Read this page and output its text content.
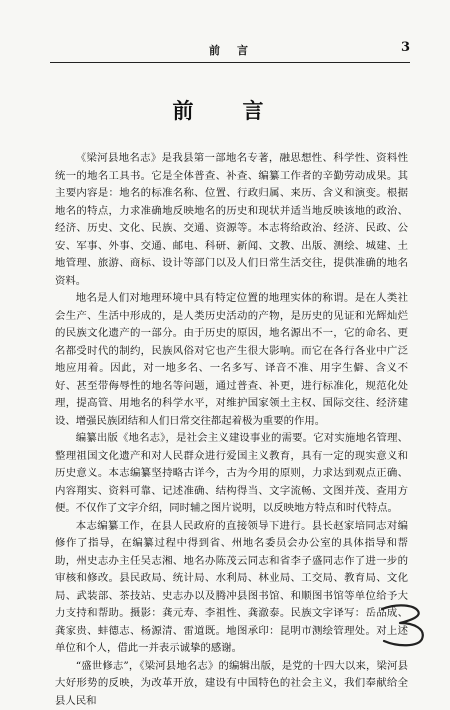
前　言	3
前　言

《梁河县地名志》是我县第一部地名专著，融思想性、科学性、资料性统一的地名工具书。它是全体普查、补查、编纂工作者的辛勤劳动成果。其主要内容是：地名的标准名称、位置、行政归属、来历、含义和演变。根据地名的特点，力求准确地反映地名的历史和现状并适当地反映该地的政治、经济、历史、文化、民族、交通、资源等。本志将给政治、经济、民政、公安、军事、外事、交通、邮电、科研、新闻、文教、出版、测绘、城建、土地管理、旅游、商标、设计等部门以及人们日常生活交往，提供准确的地名资料。

地名是人们对地理环境中具有特定位置的地理实体的称谓。是在人类社会生产、生活中形成的，是人类历史活动的产物，是历史的见证和光辉灿烂的民族文化遗产的一部分。由于历史的原因，地名源出不一，它的命名、更名都受时代的制约，民族风俗对它也产生很大影响。而它在各行各业中广泛地应用着。因此，对一地多名、一名多写、译音不准、用字生僻、含义不好、甚至带侮辱性的地名等问题，通过普查、补更，进行标准化，规范化处理，提高管、用地名的科学水平，对维护国家领土主权、国际交往、经济建设、增强民族团结和人们日常交往都起着极为重要的作用。

编纂出版《地名志》，是社会主义建设事业的需要。它对实施地名管理、整理祖国文化遗产和对人民群众进行爱国主义教育，具有一定的现实意义和历史意义。本志编纂坚持略古详今，古为今用的原则，力求达到观点正确、内容翔实、资料可靠、记述准确、结构得当、文字流畅、文图并茂、查用方便。不仅作了文字介绍，同时辅之图片说明，以反映地方特点和时代特点。

本志编纂工作，在县人民政府的直接领导下进行。县长赵家培同志对编修作了指导，在编纂过程中得到省、州地名委员会办公室的具体指导和帮助，州史志办主任吴志湘、地名办陈茂云同志和省李子盛同志作了进一步的审核和修改。县民政局、统计局、水利局、林业局、工交局、教育局、文化局、武装部、茶技站、史志办以及腾冲县图书馆、和顺图书馆等单位给予大力支持和帮助。摄影：龚元寿、李祖性、龚澈泰。民族文字译写：岳品成、龚家贵、蚌德志、杨源清、雷道既。地图承印：昆明市测绘管理处。对上述单位和个人，借此一并表示诚挚的感谢。

“盛世修志”，《梁河县地名志》的编辑出版，是党的十四大以来，梁河县大好形势的反映，为改革开放，建设有中国特色的社会主义，我们奉献给全县人民和
